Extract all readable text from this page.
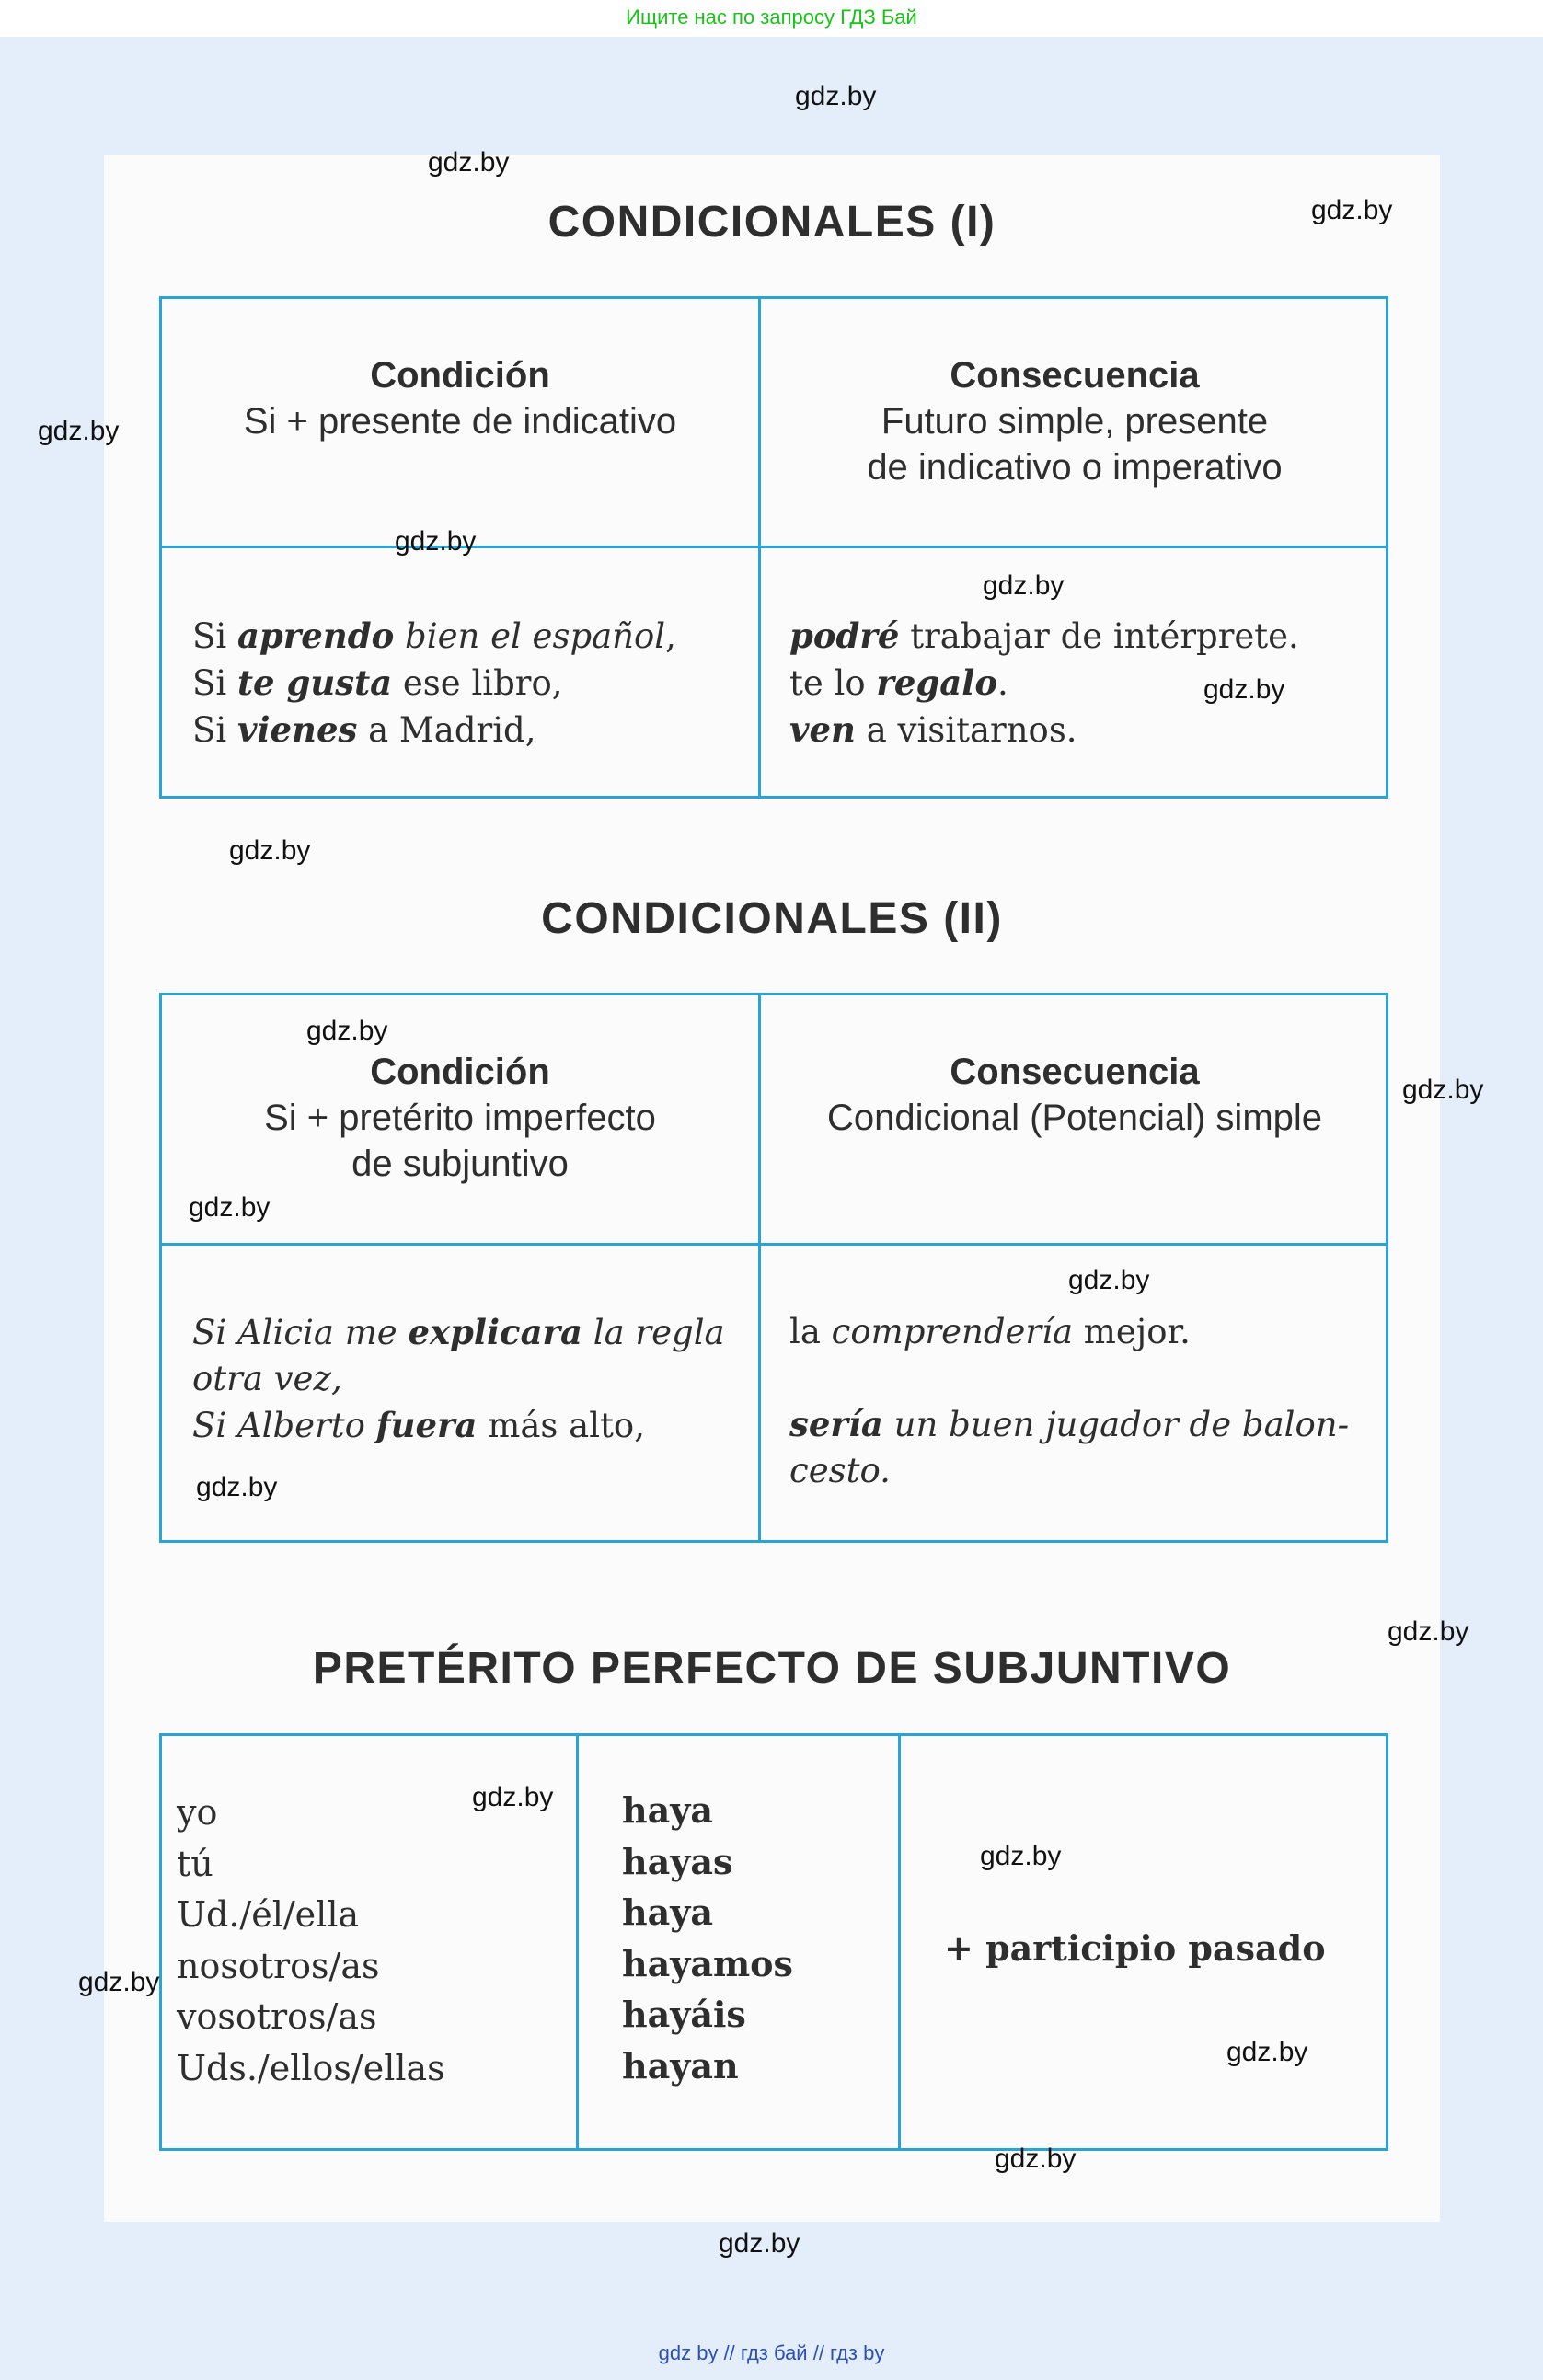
Ищите нас по запросу ГДЗ Бай
CONDICIONALES (I)
Condición
Si + presente de indicativo
Consecuencia
Futuro simple, presente
de indicativo o imperativo
Si aprendo bien el español,
Si te gusta ese libro,
Si vienes a Madrid,
podré trabajar de intérprete.
te lo regalo.
ven a visitarnos.
CONDICIONALES (II)
Condición
Si + pretérito imperfecto
de subjuntivo
Consecuencia
Condicional (Potencial) simple
Si Alicia me explicara la regla
otra vez,
Si Alberto fuera más alto,
la comprendería mejor.

sería un buen jugador de balon-
cesto.
PRETÉRITO PERFECTO DE SUBJUNTIVO
yo
tú
Ud./él/ella
nosotros/as
vosotros/as
Uds./ellos/ellas
haya
hayas
haya
hayamos
hayáis
hayan
+ participio pasado
gdz.by
gdz.by
gdz.by
gdz.by
gdz.by
gdz.by
gdz.by
gdz.by
gdz.by
gdz.by
gdz.by
gdz.by
gdz.by
gdz.by
gdz.by
gdz.by
gdz.by
gdz.by
gdz.by
gdz.by
gdz by // гдз бай // гдз by
